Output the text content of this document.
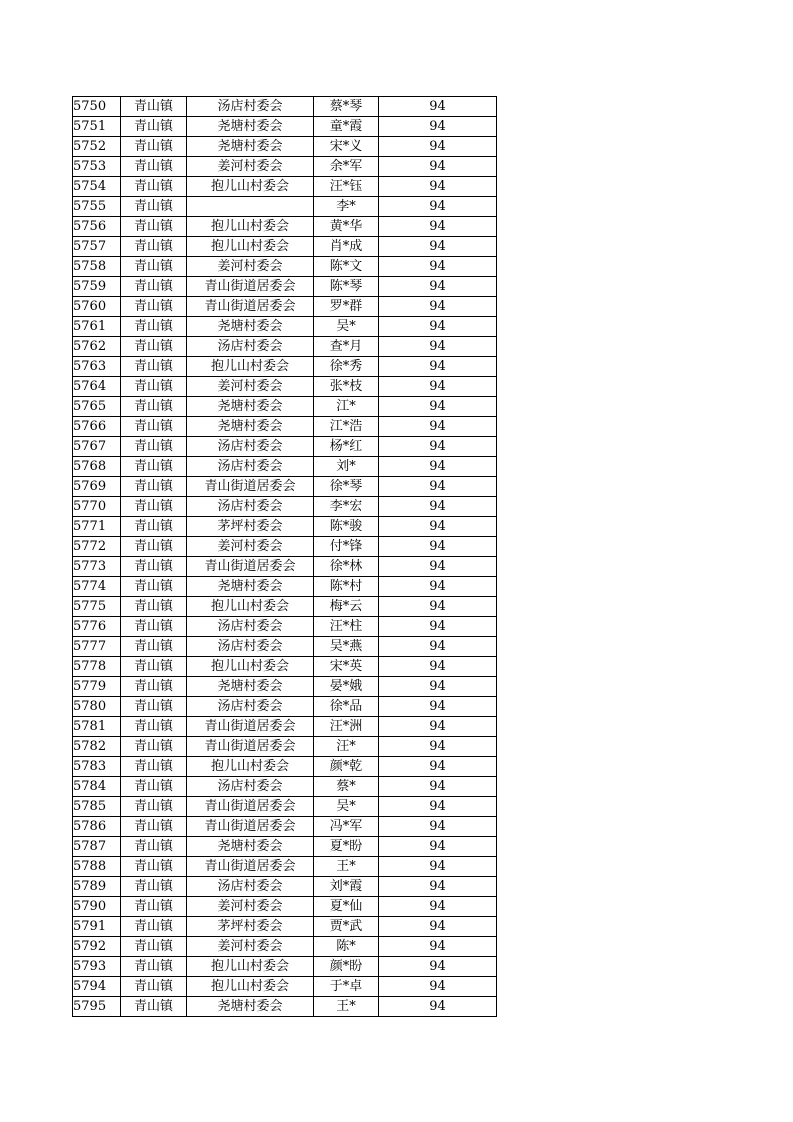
5750	青山镇	汤店村委会	蔡*琴	94
5751	青山镇	尧塘村委会	童*霞	94
5752	青山镇	尧塘村委会	宋*义	94
5753	青山镇	姜河村委会	余*军	94
5754	青山镇	抱儿山村委会	汪*钰	94
5755	青山镇		李*	94
5756	青山镇	抱儿山村委会	黄*华	94
5757	青山镇	抱儿山村委会	肖*成	94
5758	青山镇	姜河村委会	陈*文	94
5759	青山镇	青山街道居委会	陈*琴	94
5760	青山镇	青山街道居委会	罗*群	94
5761	青山镇	尧塘村委会	吴*	94
5762	青山镇	汤店村委会	查*月	94
5763	青山镇	抱儿山村委会	徐*秀	94
5764	青山镇	姜河村委会	张*枝	94
5765	青山镇	尧塘村委会	江*	94
5766	青山镇	尧塘村委会	江*浩	94
5767	青山镇	汤店村委会	杨*红	94
5768	青山镇	汤店村委会	刘*	94
5769	青山镇	青山街道居委会	徐*琴	94
5770	青山镇	汤店村委会	李*宏	94
5771	青山镇	茅坪村委会	陈*骏	94
5772	青山镇	姜河村委会	付*锋	94
5773	青山镇	青山街道居委会	徐*林	94
5774	青山镇	尧塘村委会	陈*村	94
5775	青山镇	抱儿山村委会	梅*云	94
5776	青山镇	汤店村委会	汪*柱	94
5777	青山镇	汤店村委会	吴*燕	94
5778	青山镇	抱儿山村委会	宋*英	94
5779	青山镇	尧塘村委会	晏*娥	94
5780	青山镇	汤店村委会	徐*品	94
5781	青山镇	青山街道居委会	汪*洲	94
5782	青山镇	青山街道居委会	汪*	94
5783	青山镇	抱儿山村委会	颜*乾	94
5784	青山镇	汤店村委会	蔡*	94
5785	青山镇	青山街道居委会	吴*	94
5786	青山镇	青山街道居委会	冯*军	94
5787	青山镇	尧塘村委会	夏*盼	94
5788	青山镇	青山街道居委会	王*	94
5789	青山镇	汤店村委会	刘*霞	94
5790	青山镇	姜河村委会	夏*仙	94
5791	青山镇	茅坪村委会	贾*武	94
5792	青山镇	姜河村委会	陈*	94
5793	青山镇	抱儿山村委会	颜*盼	94
5794	青山镇	抱儿山村委会	于*卓	94
5795	青山镇	尧塘村委会	王*	94
